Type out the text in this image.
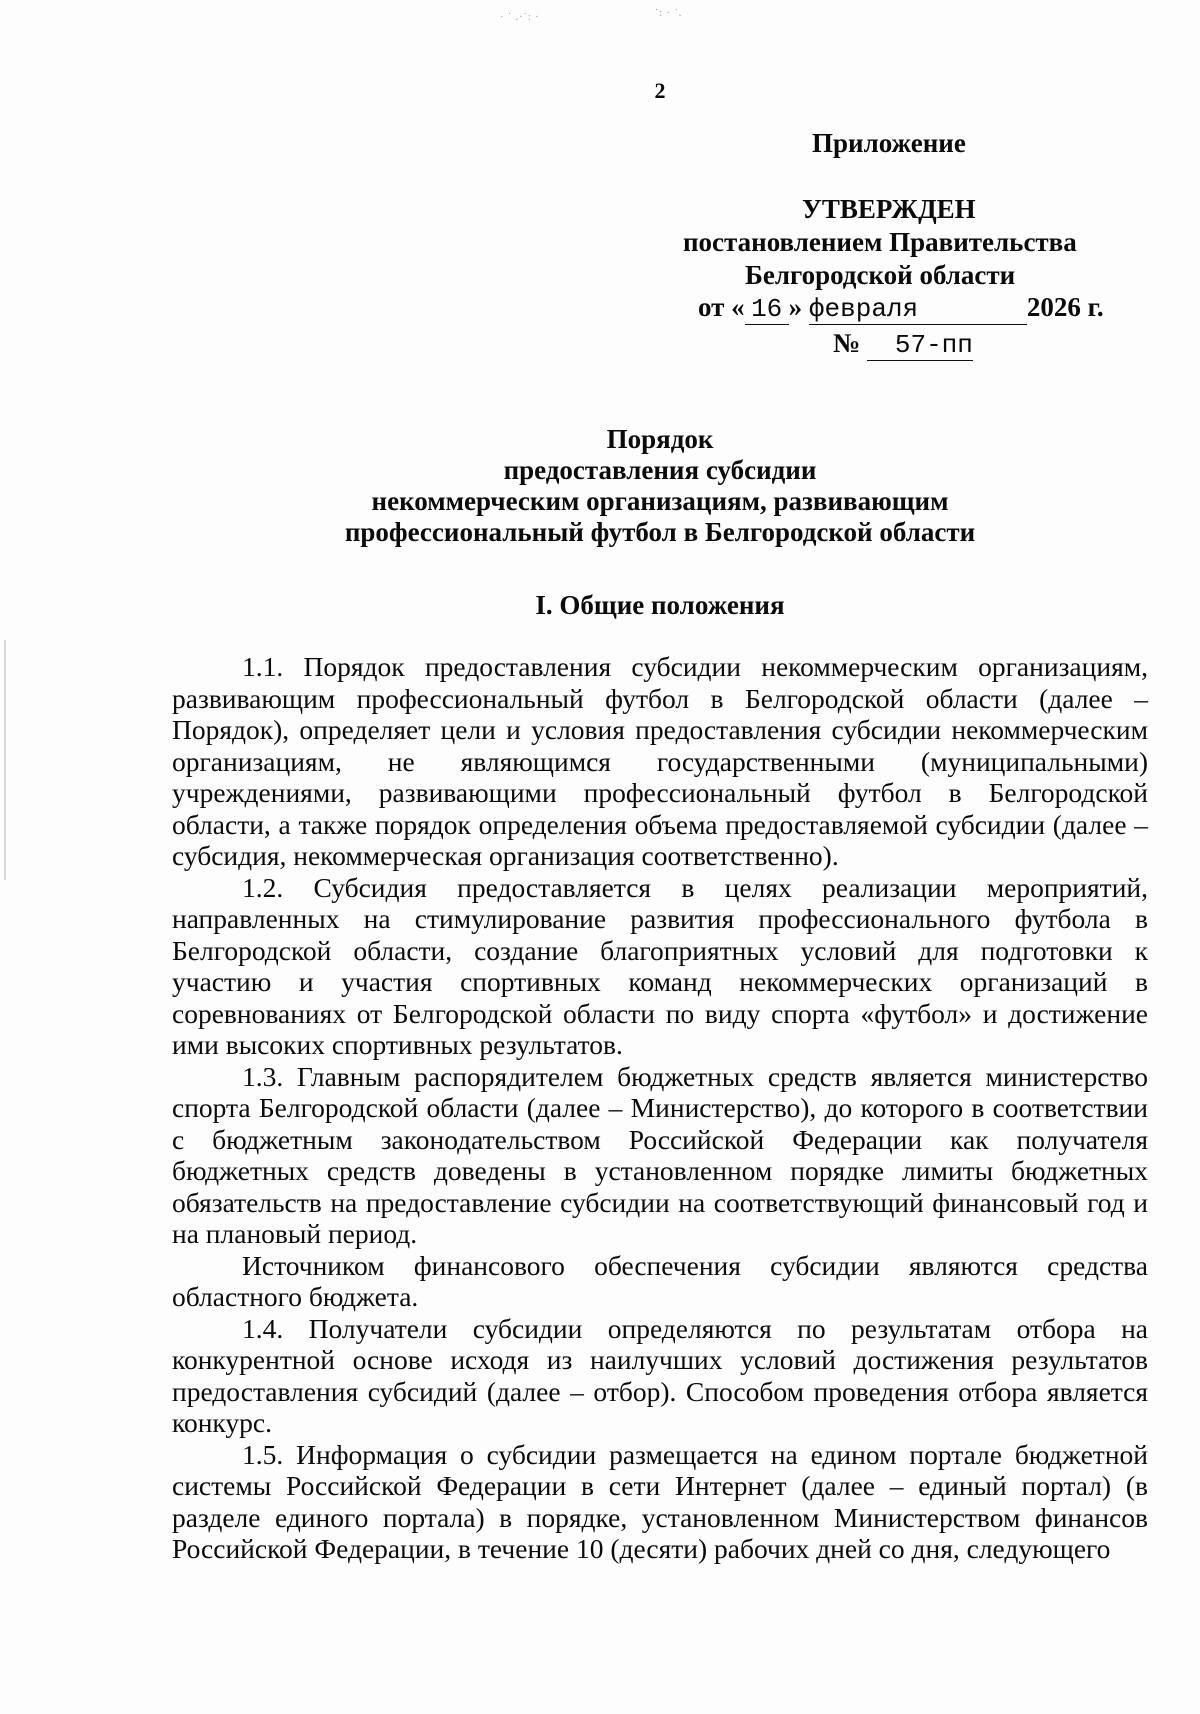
· ˙ .·˙: ·	˙: · ˙.
2
Приложение
УТВЕРЖДЕН
постановлением Правительства
Белгородской области
от « 16 » февраля	2026 г.
№ 57-пп
Порядок
предоставления субсидии
некоммерческим организациям, развивающим
профессиональный футбол в Белгородской области
I. Общие положения

1.1. Порядок предоставления субсидии некоммерческим организациям, развивающим профессиональный футбол в Белгородской области (далее – Порядок), определяет цели и условия предоставления субсидии некоммерческим организациям, не являющимся государственными (муниципальными) учреждениями, развивающими профессиональный футбол в Белгородской области, а также порядок определения объема предоставляемой субсидии (далее – субсидия, некоммерческая организация соответственно).

1.2. Субсидия предоставляется в целях реализации мероприятий, направленных на стимулирование развития профессионального футбола в Белгородской области, создание благоприятных условий для подготовки к участию и участия спортивных команд некоммерческих организаций в соревнованиях от Белгородской области по виду спорта «футбол» и достижение ими высоких спортивных результатов.

1.3. Главным распорядителем бюджетных средств является министерство спорта Белгородской области (далее – Министерство), до которого в соответствии с бюджетным законодательством Российской Федерации как получателя бюджетных средств доведены в установленном порядке лимиты бюджетных обязательств на предоставление субсидии на соответствующий финансовый год и на плановый период.

Источником финансового обеспечения субсидии являются средства областного бюджета.

1.4. Получатели субсидии определяются по результатам отбора на конкурентной основе исходя из наилучших условий достижения результатов предоставления субсидий (далее – отбор). Способом проведения отбора является конкурс.

1.5. Информация о субсидии размещается на едином портале бюджетной системы Российской Федерации в сети Интернет (далее – единый портал) (в разделе единого портала) в порядке, установленном Министерством финансов Российской Федерации, в течение 10 (десяти) рабочих дней со дня, следующего
